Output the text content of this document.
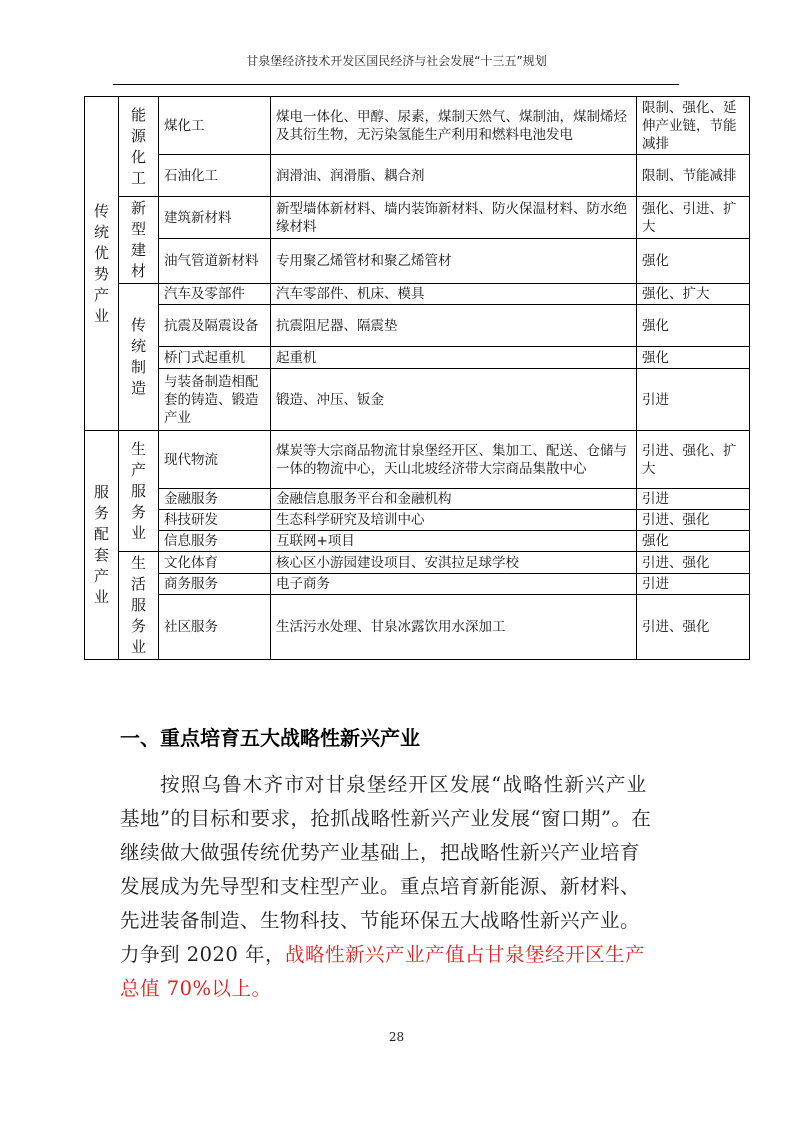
甘泉堡经济技术开发区国民经济与社会发展“十三五”规划
传统优势产业	能源化工	煤化工	煤电一体化、甲醇、尿素，煤制天然气、煤制油，煤制烯烃及其衍生物，无污染氢能生产利用和燃料电池发电	限制、强化、延伸产业链，节能减排
		石油化工	润滑油、润滑脂、耦合剂	限制、节能减排

	新型建材	建筑新材料	新型墙体新材料、墙内装饰新材料、防火保温材料、防水绝缘材料	强化、引进、扩大
		油气管道新材料	专用聚乙烯管材和聚乙烯管材	强化

	传统制造	汽车及零部件	汽车零部件、机床、模具	强化、扩大
		抗震及隔震设备	抗震阻尼器、隔震垫	强化
		桥门式起重机	起重机	强化
		与装备制造相配套的铸造、锻造产业	锻造、冲压、钣金	引进

服务配套产业	生产服务业	现代物流	煤炭等大宗商品物流甘泉堡经开区、集加工、配送、仓储与一体的物流中心，天山北坡经济带大宗商品集散中心	引进、强化、扩大
		金融服务	金融信息服务平台和金融机构	引进
		科技研发	生态科学研究及培训中心	引进、强化
		信息服务	互联网+项目	强化

	生活服务业	文化体育	核心区小游园建设项目、安淇拉足球学校	引进、强化
		商务服务	电子商务	引进
		社区服务	生活污水处理、甘泉冰露饮用水深加工	引进、强化
一、重点培育五大战略性新兴产业
按照乌鲁木齐市对甘泉堡经开区发展“战略性新兴产业
基地”的目标和要求，抢抓战略性新兴产业发展“窗口期”。在
继续做大做强传统优势产业基础上，把战略性新兴产业培育
发展成为先导型和支柱型产业。重点培育新能源、新材料、
先进装备制造、生物科技、节能环保五大战略性新兴产业。
力争到 2020 年，战略性新兴产业产值占甘泉堡经开区生产
总值 70%以上。
28
